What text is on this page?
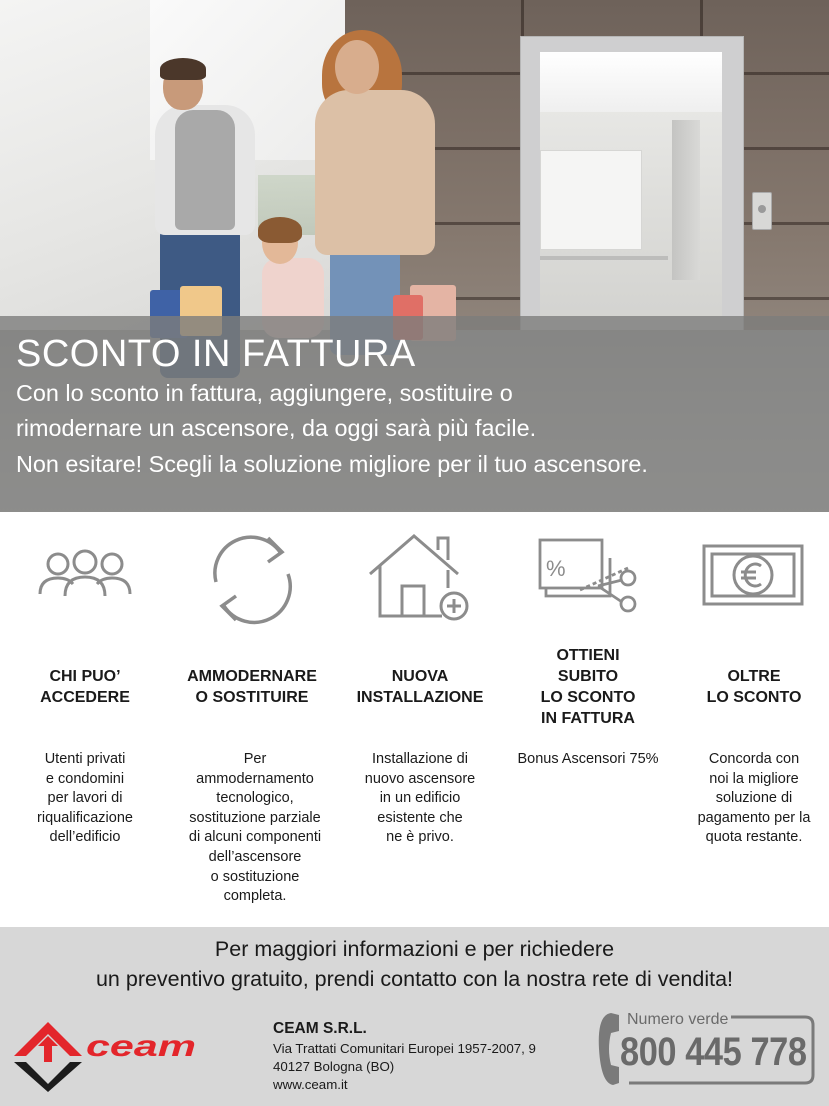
SCONTO IN FATTURA
Con lo sconto in fattura, aggiungere, sostituire o
rimodernare un ascensore, da oggi sarà più facile.
Non esitare! Scegli la soluzione migliore per il tuo ascensore.
%
CHI PUO’
ACCEDERE
AMMODERNARE
O SOSTITUIRE
NUOVA
INSTALLAZIONE
OTTIENI
SUBITO
LO SCONTO
IN FATTURA
OLTRE
LO SCONTO
Utenti privati
e condomini
per lavori di
riqualificazione
dell’edificio
Per
ammodernamento
tecnologico,
sostituzione parziale
di alcuni componenti
dell’ascensore
o sostituzione
completa.
Installazione di
nuovo ascensore
in un edificio
esistente che
ne è privo.
Bonus Ascensori 75%	Concorda con
noi la migliore
soluzione di
pagamento per la
quota restante.
Per maggiori informazioni e per richiedere
un preventivo gratuito, prendi contatto con la nostra rete di vendita!
ceam
CEAM S.R.L.
Via Trattati Comunitari Europei 1957-2007, 9
40127 Bologna (BO)
www.ceam.it
Numero verde
800 445 778
